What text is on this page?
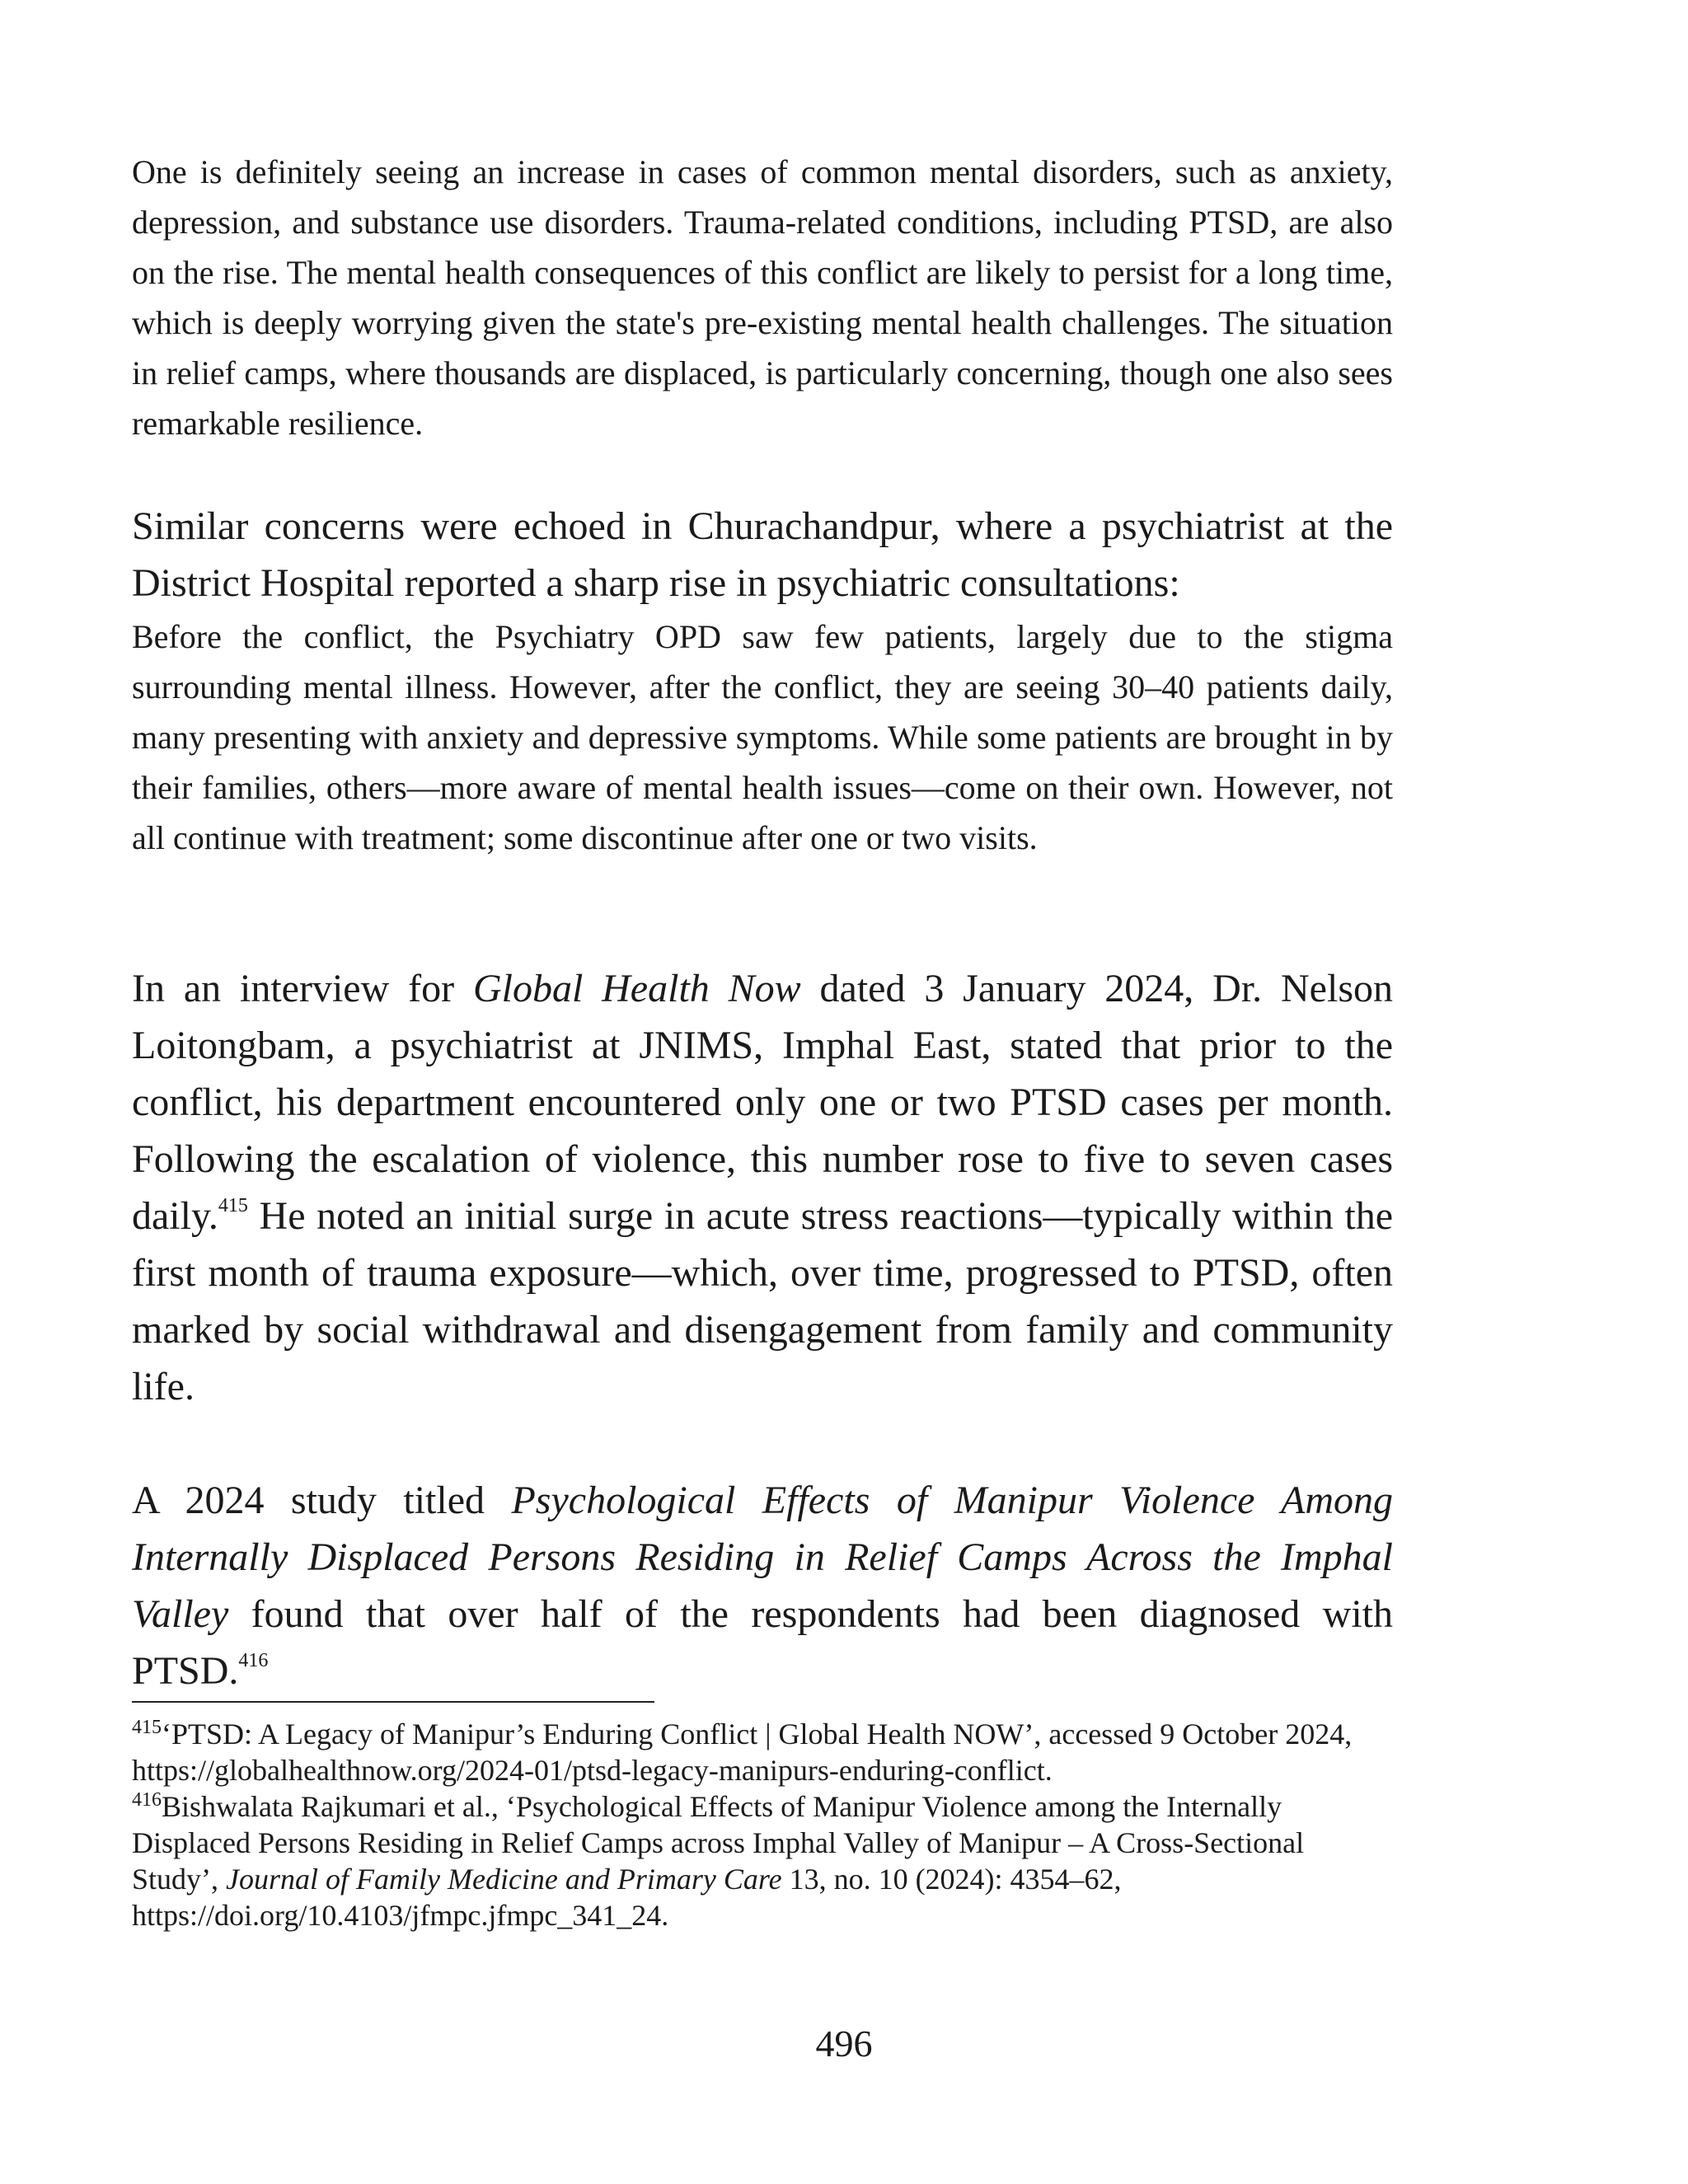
One is definitely seeing an increase in cases of common mental disorders, such as anxiety, depression, and substance use disorders. Trauma-related conditions, including PTSD, are also on the rise. The mental health consequences of this conflict are likely to persist for a long time, which is deeply worrying given the state's pre-existing mental health challenges. The situation in relief camps, where thousands are displaced, is particularly concerning, though one also sees remarkable resilience.

Similar concerns were echoed in Churachandpur, where a psychiatrist at the District Hospital reported a sharp rise in psychiatric consultations:

Before the conflict, the Psychiatry OPD saw few patients, largely due to the stigma surrounding mental illness. However, after the conflict, they are seeing 30–40 patients daily, many presenting with anxiety and depressive symptoms. While some patients are brought in by their families, others—more aware of mental health issues—come on their own. However, not all continue with treatment; some discontinue after one or two visits.

In an interview for Global Health Now dated 3 January 2024, Dr. Nelson Loitongbam, a psychiatrist at JNIMS, Imphal East, stated that prior to the conflict, his department encountered only one or two PTSD cases per month. Following the escalation of violence, this number rose to five to seven cases daily.$^{415}$ He noted an initial surge in acute stress reactions—typically within the first month of trauma exposure—which, over time, progressed to PTSD, often marked by social withdrawal and disengagement from family and community life.

A 2024 study titled Psychological Effects of Manipur Violence Among Internally Displaced Persons Residing in Relief Camps Across the Imphal Valley found that over half of the respondents had been diagnosed with PTSD.$^{416}$

$^{415}$‘PTSD: A Legacy of Manipur’s Enduring Conflict | Global Health NOW’, accessed 9 October 2024, https://globalhealthnow.org/2024-01/ptsd-legacy-manipurs-enduring-conflict.

$^{416}$Bishwalata Rajkumari et al., ‘Psychological Effects of Manipur Violence among the Internally Displaced Persons Residing in Relief Camps across Imphal Valley of Manipur – A Cross-Sectional Study’, Journal of Family Medicine and Primary Care 13, no. 10 (2024): 4354–62, https://doi.org/10.4103/jfmpc.jfmpc_341_24.

496
